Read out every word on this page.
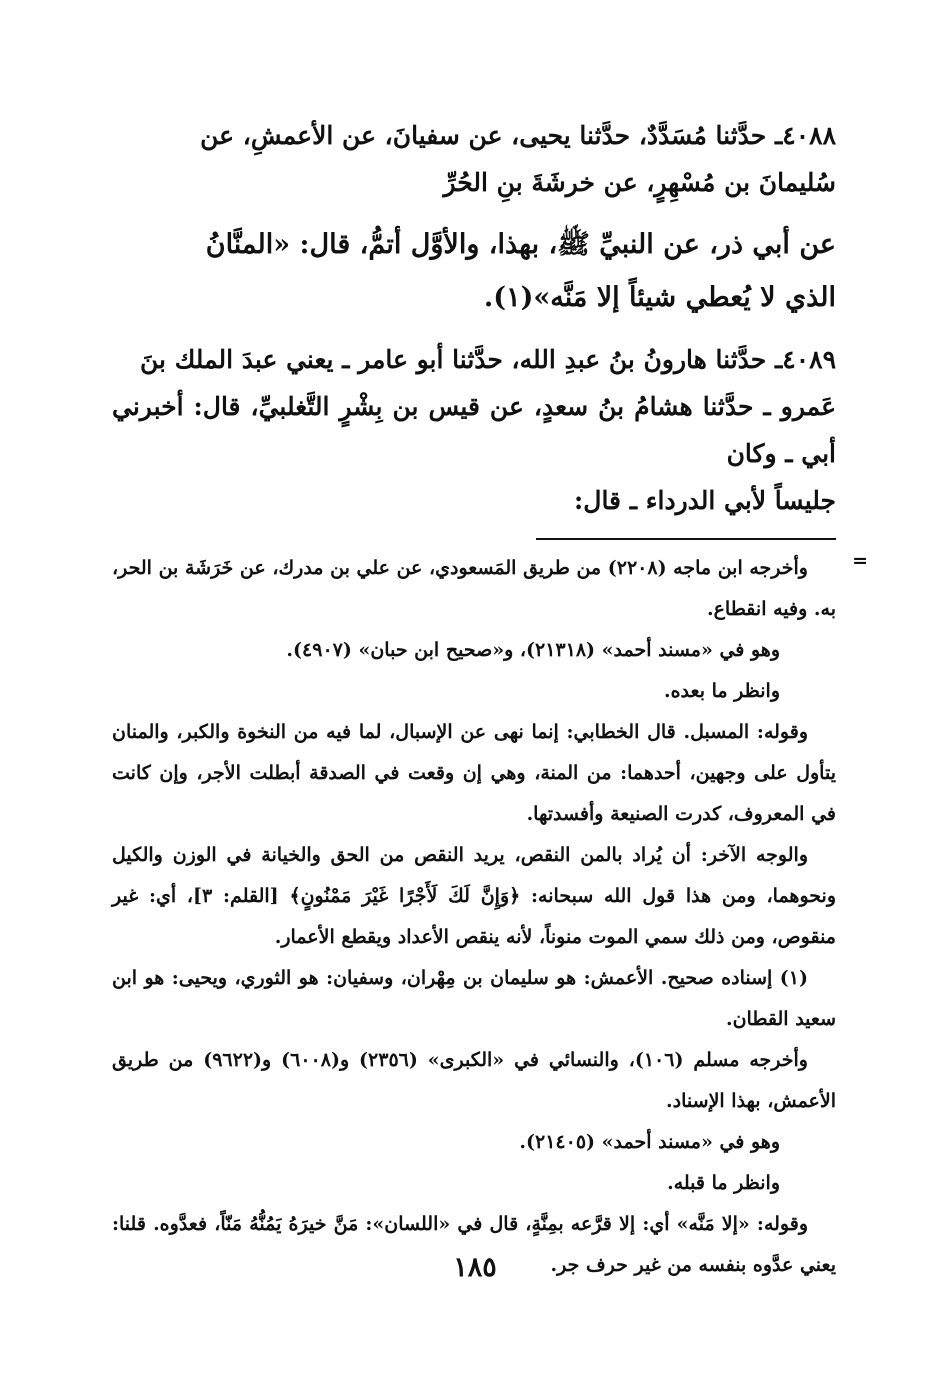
٤٠٨٨ـ حدَّثنا مُسَدَّدٌ، حدَّثنا يحيى، عن سفيانَ، عن الأعمشِ، عن

سُليمانَ بن مُسْهِرٍ، عن خرشَةَ بنِ الحُرِّ

عن أبي ذر، عن النبيِّ ﷺ، بهذا، والأوَّل أتمُّ، قال: «المنَّانُ

الذي لا يُعطي شيئاً إلا مَنَّه»(١).

٤٠٨٩ـ حدَّثنا هارونُ بنُ عبدِ الله، حدَّثنا أبو عامر ـ يعني عبدَ الملك بنَ

عَمرو ـ حدَّثنا هشامُ بنُ سعدٍ، عن قيس بن بِشْرٍ التَّغلبيِّ، قال: أخبرني أبي ـ وكان

جليساً لأبي الدرداء ـ قال:

=

وأخرجه ابن ماجه (٢٢٠٨) من طريق المَسعودي، عن علي بن مدرك، عن خَرَشَة بن الحر، به. وفيه انقطاع.

وهو في «مسند أحمد» (٢١٣١٨)، و«صحيح ابن حبان» (٤٩٠٧).

وانظر ما بعده.

وقوله: المسبل. قال الخطابي: إنما نهى عن الإسبال، لما فيه من النخوة والكبر، والمنان يتأول على وجهين، أحدهما: من المنة، وهي إن وقعت في الصدقة أبطلت الأجر، وإن كانت في المعروف، كدرت الصنيعة وأفسدتها.

والوجه الآخر: أن يُراد بالمن النقص، يريد النقص من الحق والخيانة في الوزن والكيل ونحوهما، ومن هذا قول الله سبحانه: ﴿وَإِنَّ لَكَ لَأَجْرًا غَيْرَ مَمْنُونٍ﴾ [القلم: ٣]، أي: غير منقوص، ومن ذلك سمي الموت منوناً، لأنه ينقص الأعداد ويقطع الأعمار.

(١) إسناده صحيح. الأعمش: هو سليمان بن مِهْران، وسفيان: هو الثوري، ويحيى: هو ابن سعيد القطان.

وأخرجه مسلم (١٠٦)، والنسائي في «الكبرى» (٢٣٥٦) و(٦٠٠٨) و(٩٦٢٢) من طريق الأعمش، بهذا الإسناد.

وهو في «مسند أحمد» (٢١٤٠٥).

وانظر ما قبله.

وقوله: «إلا مَنَّه» أي: إلا قرَّعه بمِنَّةٍ، قال في «اللسان»: مَنَّ خيرَهُ يَمُنُّهُ مَنّاً، فعدَّوه. قلنا: يعني عدَّوه بنفسه من غير حرف جر.

١٨٥
